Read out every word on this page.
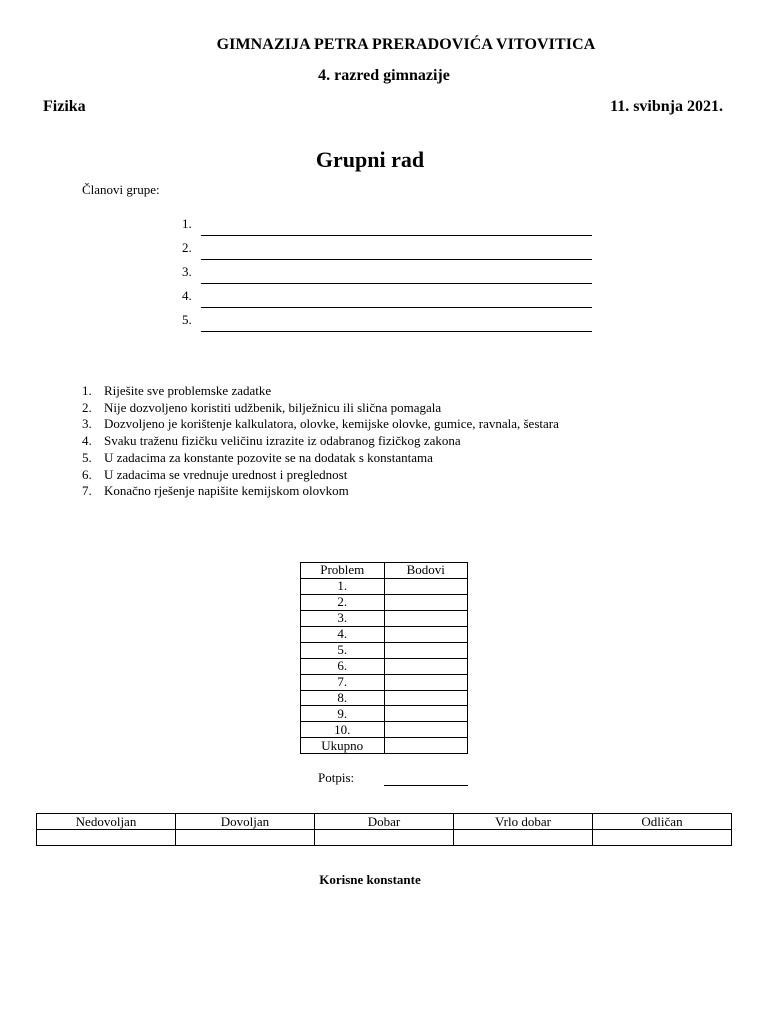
GIMNAZIJA PETRA PRERADOVIĆA VITOVITICA
4. razred gimnazije
Fizika	11. svibnja 2021.
Grupni rad
Članovi grupe:
1.
2.
3.
4.
5.
1. Riješite sve problemske zadatke
2. Nije dozvoljeno koristiti udžbenik, bilježnicu ili slična pomagala
3. Dozvoljeno je korištenje kalkulatora, olovke, kemijske olovke, gumice, ravnala, šestara
4. Svaku traženu fizičku veličinu izrazite iz odabranog fizičkog zakona
5. U zadacima za konstante pozovite se na dodatak s konstantama
6. U zadacima se vrednuje urednost i preglednost
7. Konačno rješenje napišite kemijskom olovkom
Problem	Bodovi
1.	
2.	
3.	
4.	
5.	
6.	
7.	
8.	
9.	
10.	
Ukupno	
Potpis:
Nedovoljan	Dovoljan	Dobar	Vrlo dobar	Odličan

Korisne konstante
